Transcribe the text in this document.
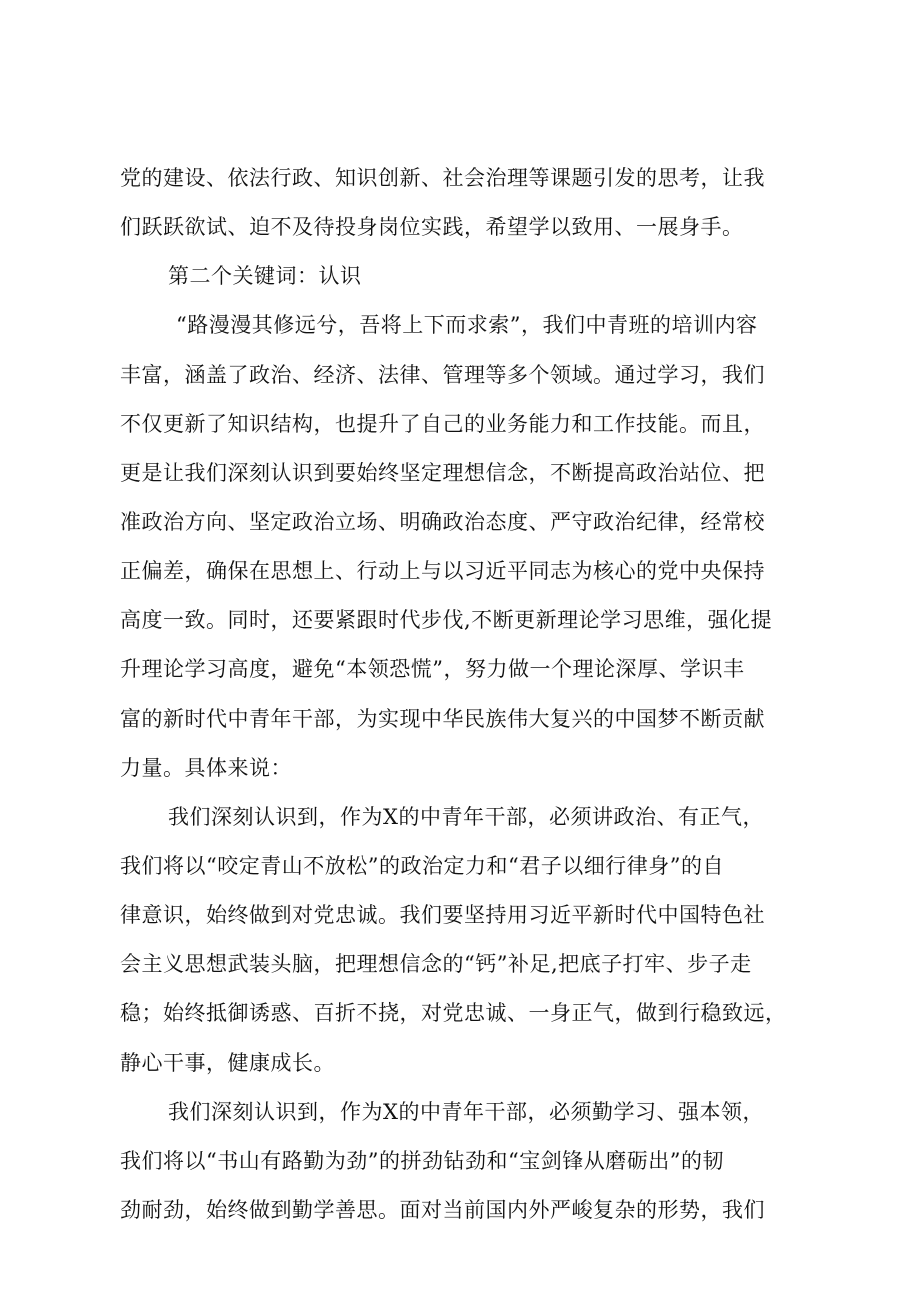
党的建设、依法行政、知识创新、社会治理等课题引发的思考，让我
们跃跃欲试、迫不及待投身岗位实践，希望学以致用、一展身手。
第二个关键词：认识
“路漫漫其修远兮，吾将上下而求索”，我们中青班的培训内容
丰富，涵盖了政治、经济、法律、管理等多个领域。通过学习，我们
不仅更新了知识结构，也提升了自己的业务能力和工作技能。而且，
更是让我们深刻认识到要始终坚定理想信念，不断提高政治站位、把
准政治方向、坚定政治立场、明确政治态度、严守政治纪律，经常校
正偏差，确保在思想上、行动上与以习近平同志为核心的党中央保持
高度一致。同时，还要紧跟时代步伐,不断更新理论学习思维，强化提
升理论学习高度，避免“本领恐慌”，努力做一个理论深厚、学识丰
富的新时代中青年干部，为实现中华民族伟大复兴的中国梦不断贡献
力量。具体来说：
我们深刻认识到，作为X的中青年干部，必须讲政治、有正气，
我们将以“咬定青山不放松”的政治定力和“君子以细行律身”的自
律意识，始终做到对党忠诚。我们要坚持用习近平新时代中国特色社
会主义思想武装头脑，把理想信念的“钙”补足,把底子打牢、步子走
稳；始终抵御诱惑、百折不挠，对党忠诚、一身正气，做到行稳致远，
静心干事，健康成长。
我们深刻认识到，作为X的中青年干部，必须勤学习、强本领，
我们将以“书山有路勤为劲”的拼劲钻劲和“宝剑锋从磨砺出”的韧
劲耐劲，始终做到勤学善思。面对当前国内外严峻复杂的形势，我们
